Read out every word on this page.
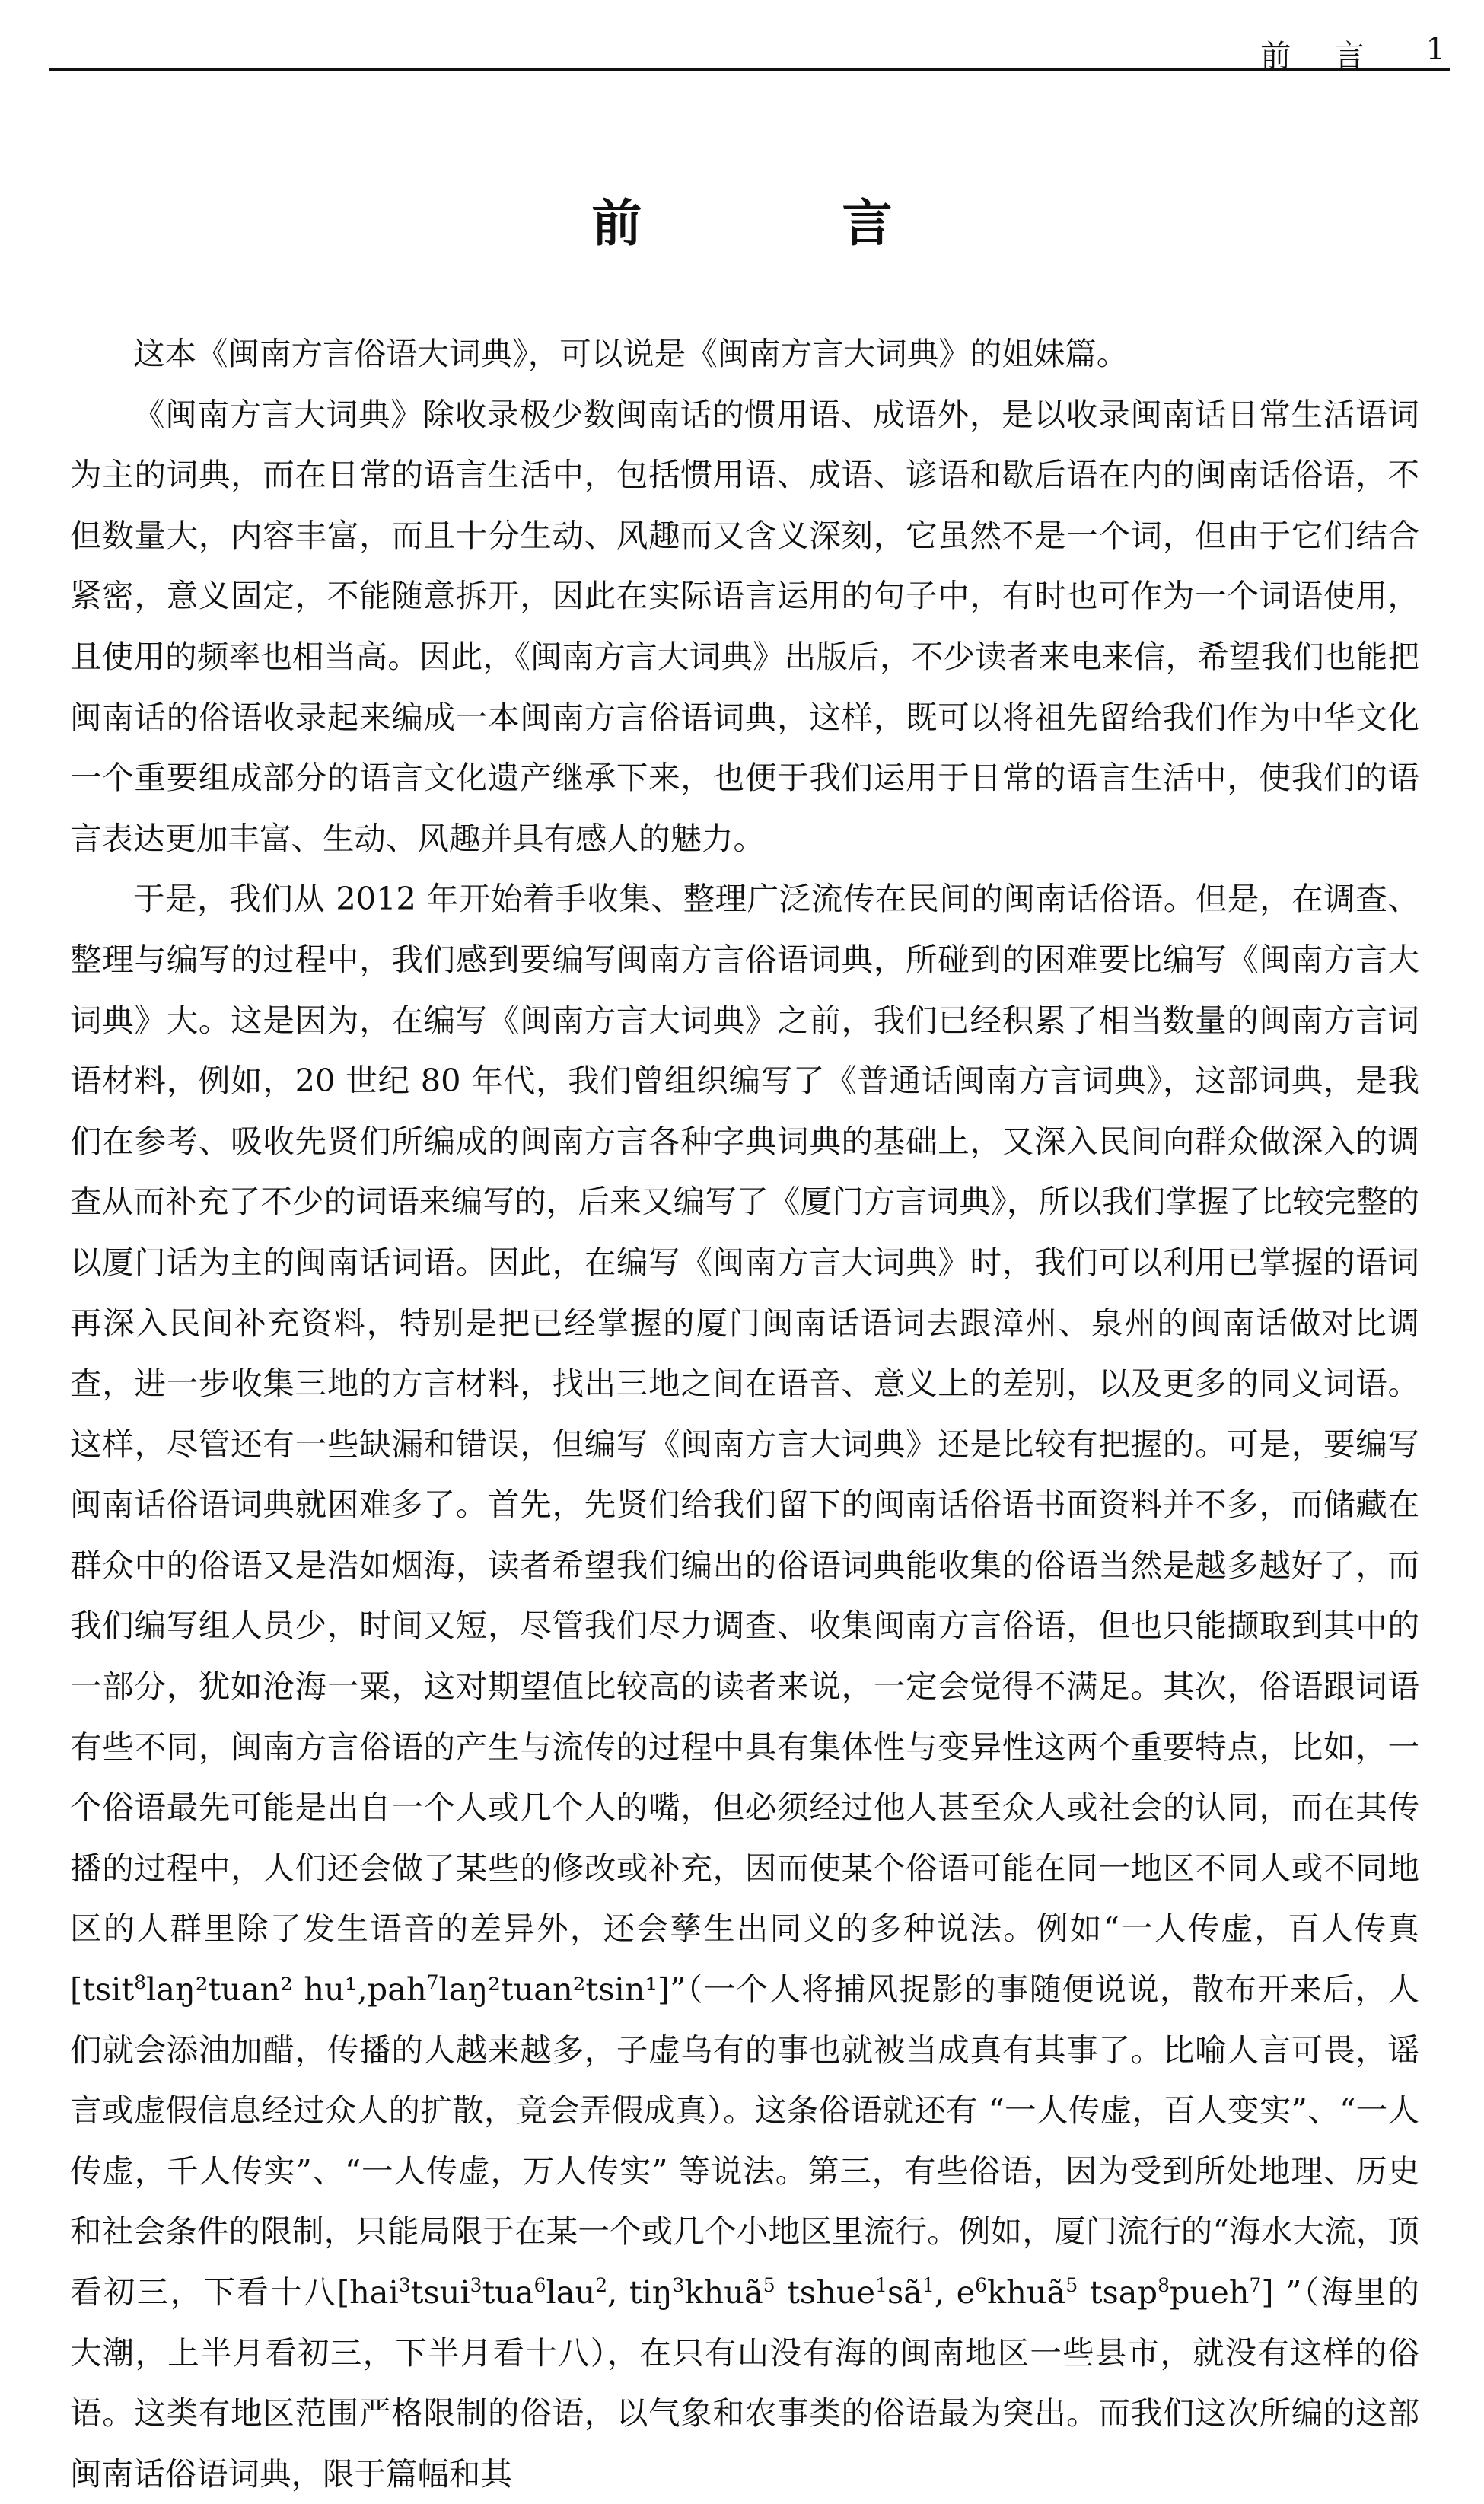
前 言 1
前 言

这本《闽南方言俗语大词典》，可以说是《闽南方言大词典》的姐妹篇。

《闽南方言大词典》除收录极少数闽南话的惯用语、成语外，是以收录闽南话日常生活语词为主的词典，而在日常的语言生活中，包括惯用语、成语、谚语和歇后语在内的闽南话俗语，不但数量大，内容丰富，而且十分生动、风趣而又含义深刻，它虽然不是一个词，但由于它们结合紧密，意义固定，不能随意拆开，因此在实际语言运用的句子中，有时也可作为一个词语使用，且使用的频率也相当高。因此，《闽南方言大词典》出版后，不少读者来电来信，希望我们也能把闽南话的俗语收录起来编成一本闽南方言俗语词典，这样，既可以将祖先留给我们作为中华文化一个重要组成部分的语言文化遗产继承下来，也便于我们运用于日常的语言生活中，使我们的语言表达更加丰富、生动、风趣并具有感人的魅力。

于是，我们从 2012 年开始着手收集、整理广泛流传在民间的闽南话俗语。但是，在调查、整理与编写的过程中，我们感到要编写闽南方言俗语词典，所碰到的困难要比编写《闽南方言大词典》大。这是因为，在编写《闽南方言大词典》之前，我们已经积累了相当数量的闽南方言词语材料，例如，20 世纪 80 年代，我们曾组织编写了《普通话闽南方言词典》，这部词典，是我们在参考、吸收先贤们所编成的闽南方言各种字典词典的基础上，又深入民间向群众做深入的调查从而补充了不少的词语来编写的，后来又编写了《厦门方言词典》，所以我们掌握了比较完整的以厦门话为主的闽南话词语。因此，在编写《闽南方言大词典》时，我们可以利用已掌握的语词再深入民间补充资料，特别是把已经掌握的厦门闽南话语词去跟漳州、泉州的闽南话做对比调查，进一步收集三地的方言材料，找出三地之间在语音、意义上的差别，以及更多的同义词语。这样，尽管还有一些缺漏和错误，但编写《闽南方言大词典》还是比较有把握的。可是，要编写闽南话俗语词典就困难多了。首先，先贤们给我们留下的闽南话俗语书面资料并不多，而储藏在群众中的俗语又是浩如烟海，读者希望我们编出的俗语词典能收集的俗语当然是越多越好了，而我们编写组人员少，时间又短，尽管我们尽力调查、收集闽南方言俗语，但也只能撷取到其中的一部分，犹如沧海一粟，这对期望值比较高的读者来说，一定会觉得不满足。其次，俗语跟词语有些不同，闽南方言俗语的产生与流传的过程中具有集体性与变异性这两个重要特点，比如，一个俗语最先可能是出自一个人或几个人的嘴，但必须经过他人甚至众人或社会的认同，而在其传播的过程中，人们还会做了某些的修改或补充，因而使某个俗语可能在同一地区不同人或不同地区的人群里除了发生语音的差异外，还会孳生出同义的多种说法。例如“一人传虚，百人传真[tsit$^8$laŋ²tuan² hu¹,pah$^7$laŋ²tuan²tsin¹]”（一个人将捕风捉影的事随便说说，散布开来后，人们就会添油加醋，传播的人越来越多，子虚乌有的事也就被当成真有其事了。比喻人言可畏，谣言或虚假信息经过众人的扩散，竟会弄假成真）。这条俗语就还有 “一人传虚，百人变实”、“一人传虚，千人传实”、“一人传虚，万人传实” 等说法。第三，有些俗语，因为受到所处地理、历史和社会条件的限制，只能局限于在某一个或几个小地区里流行。例如，厦门流行的“海水大流，顶看初三，下看十八[hai$^3$tsui$^3$tua$^6$lau$^2$, tiŋ$^3$khuã$^5$ $tshue^1sã^1$, $e^6khuã^5$ tsap$^8$pueh$^7$] ”（海里的大潮，上半月看初三，下半月看十八），在只有山没有海的闽南地区一些县市，就没有这样的俗语。这类有地区范围严格限制的俗语，以气象和农事类的俗语最为突出。而我们这次所编的这部闽南话俗语词典，限于篇幅和其
